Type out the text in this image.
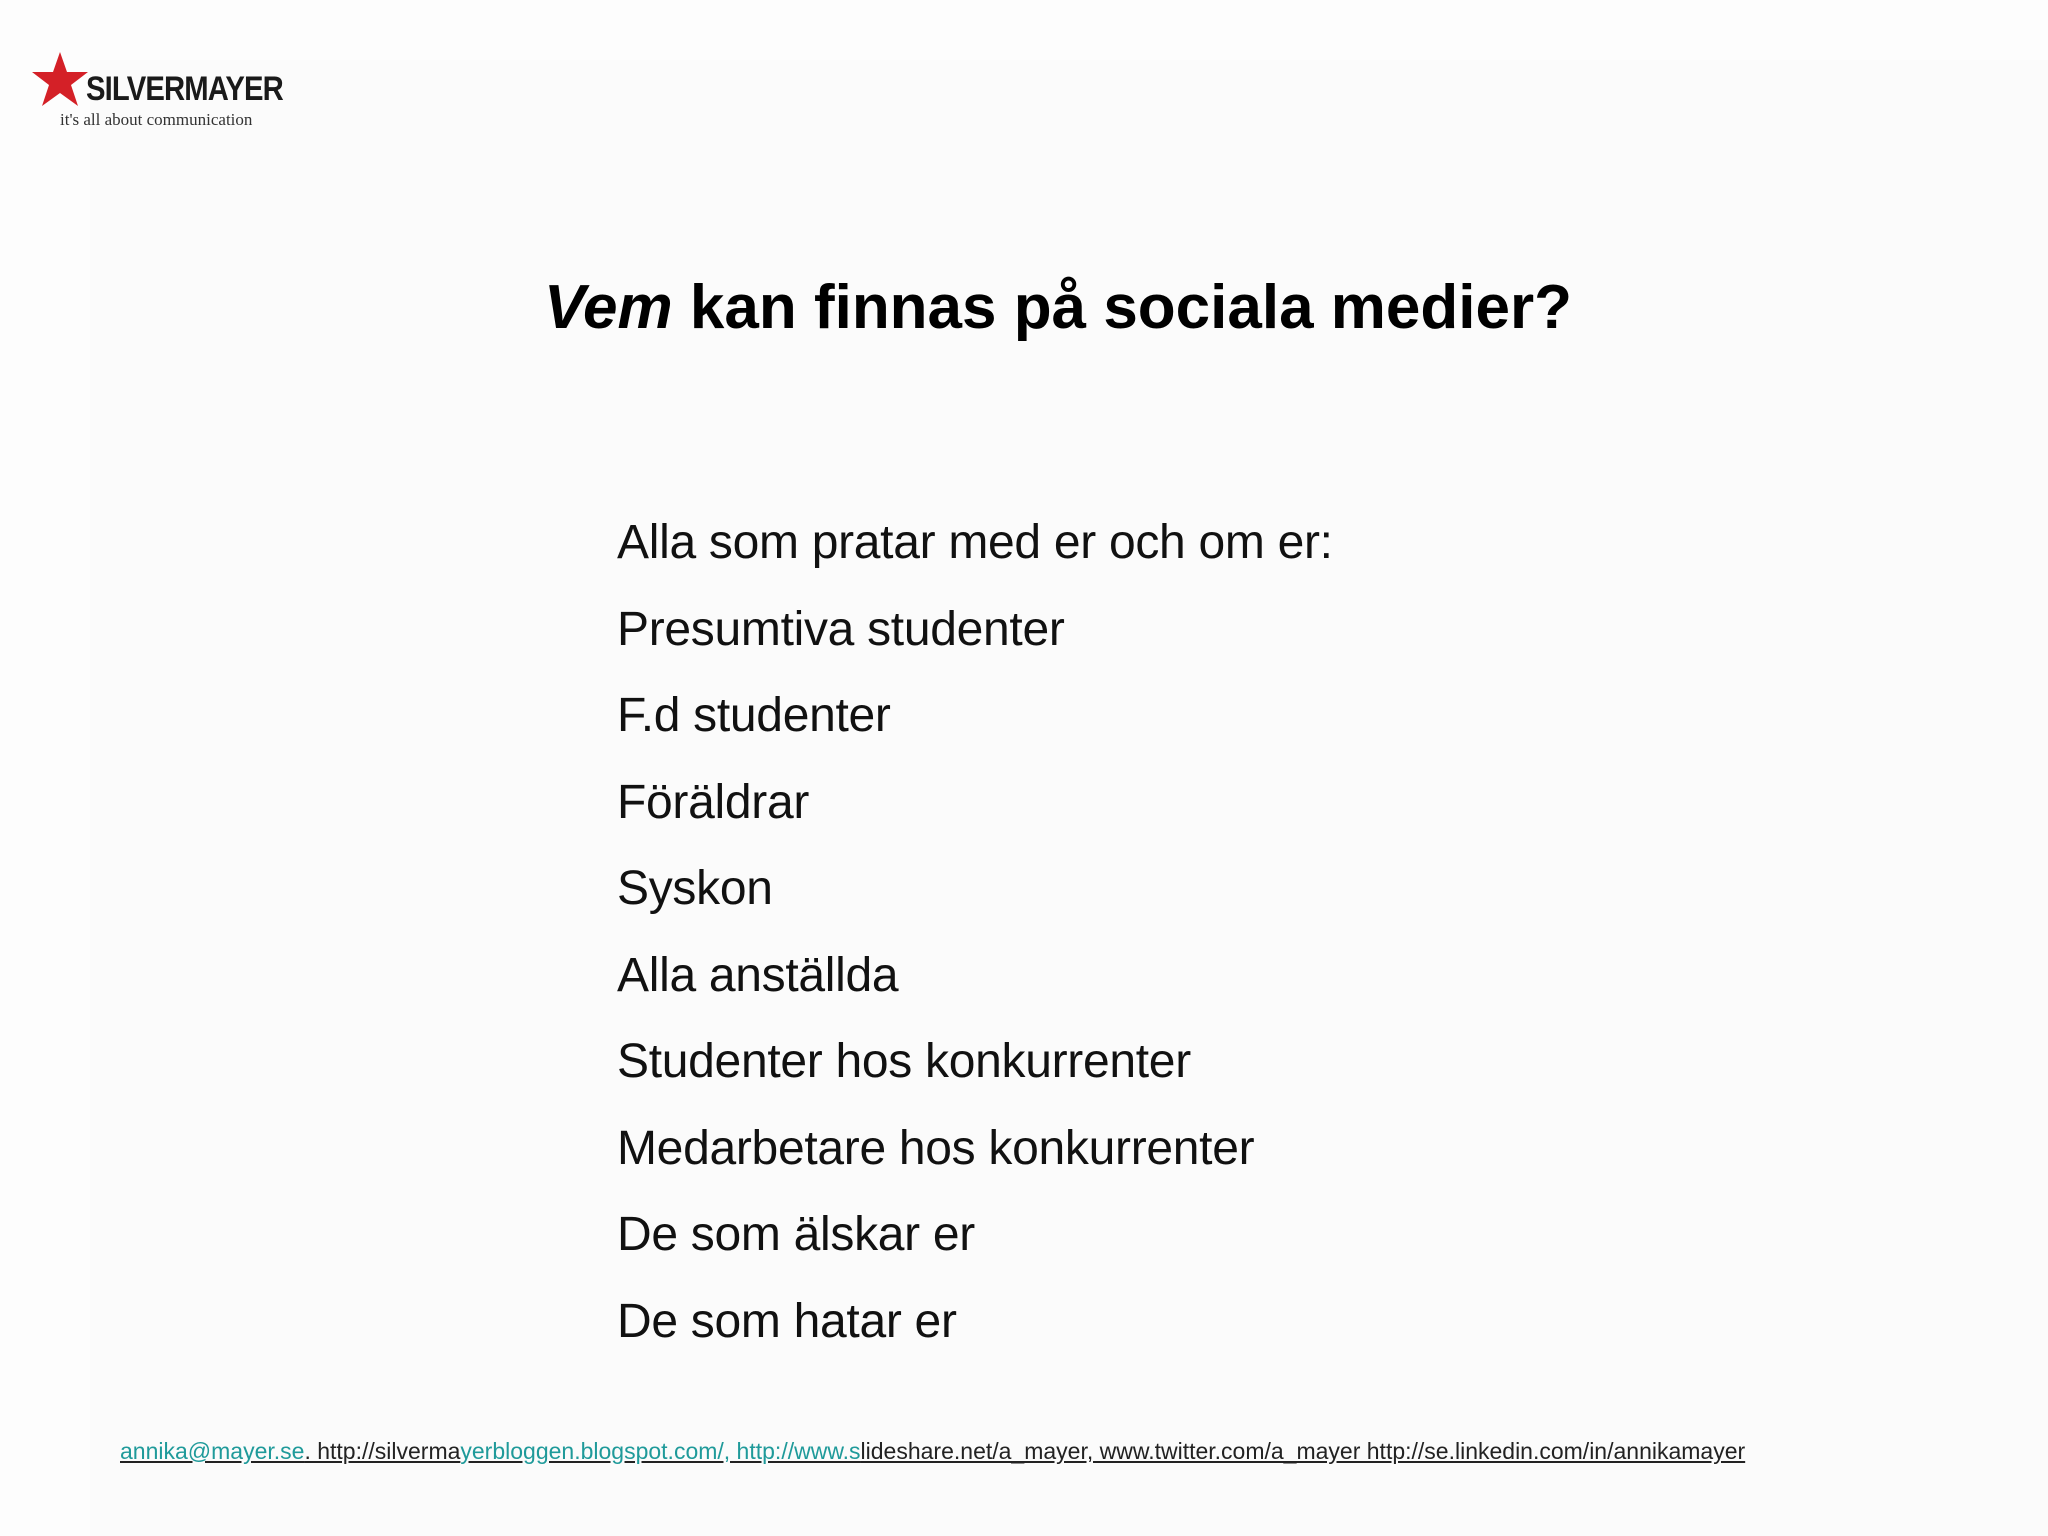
SILVERMAYER
it's all about communication
Vem kan finnas på sociala medier?
Alla som pratar med er och om er:
Presumtiva studenter
F.d studenter
Föräldrar
Syskon
Alla anställda
Studenter hos konkurrenter
Medarbetare hos konkurrenter
De som älskar er
De som hatar er
annika@mayer.se. http://silvermayerbloggen.blogspot.com/, http://www.slideshare.net/a_mayer, www.twitter.com/a_mayer http://se.linkedin.com/in/annikamayer
